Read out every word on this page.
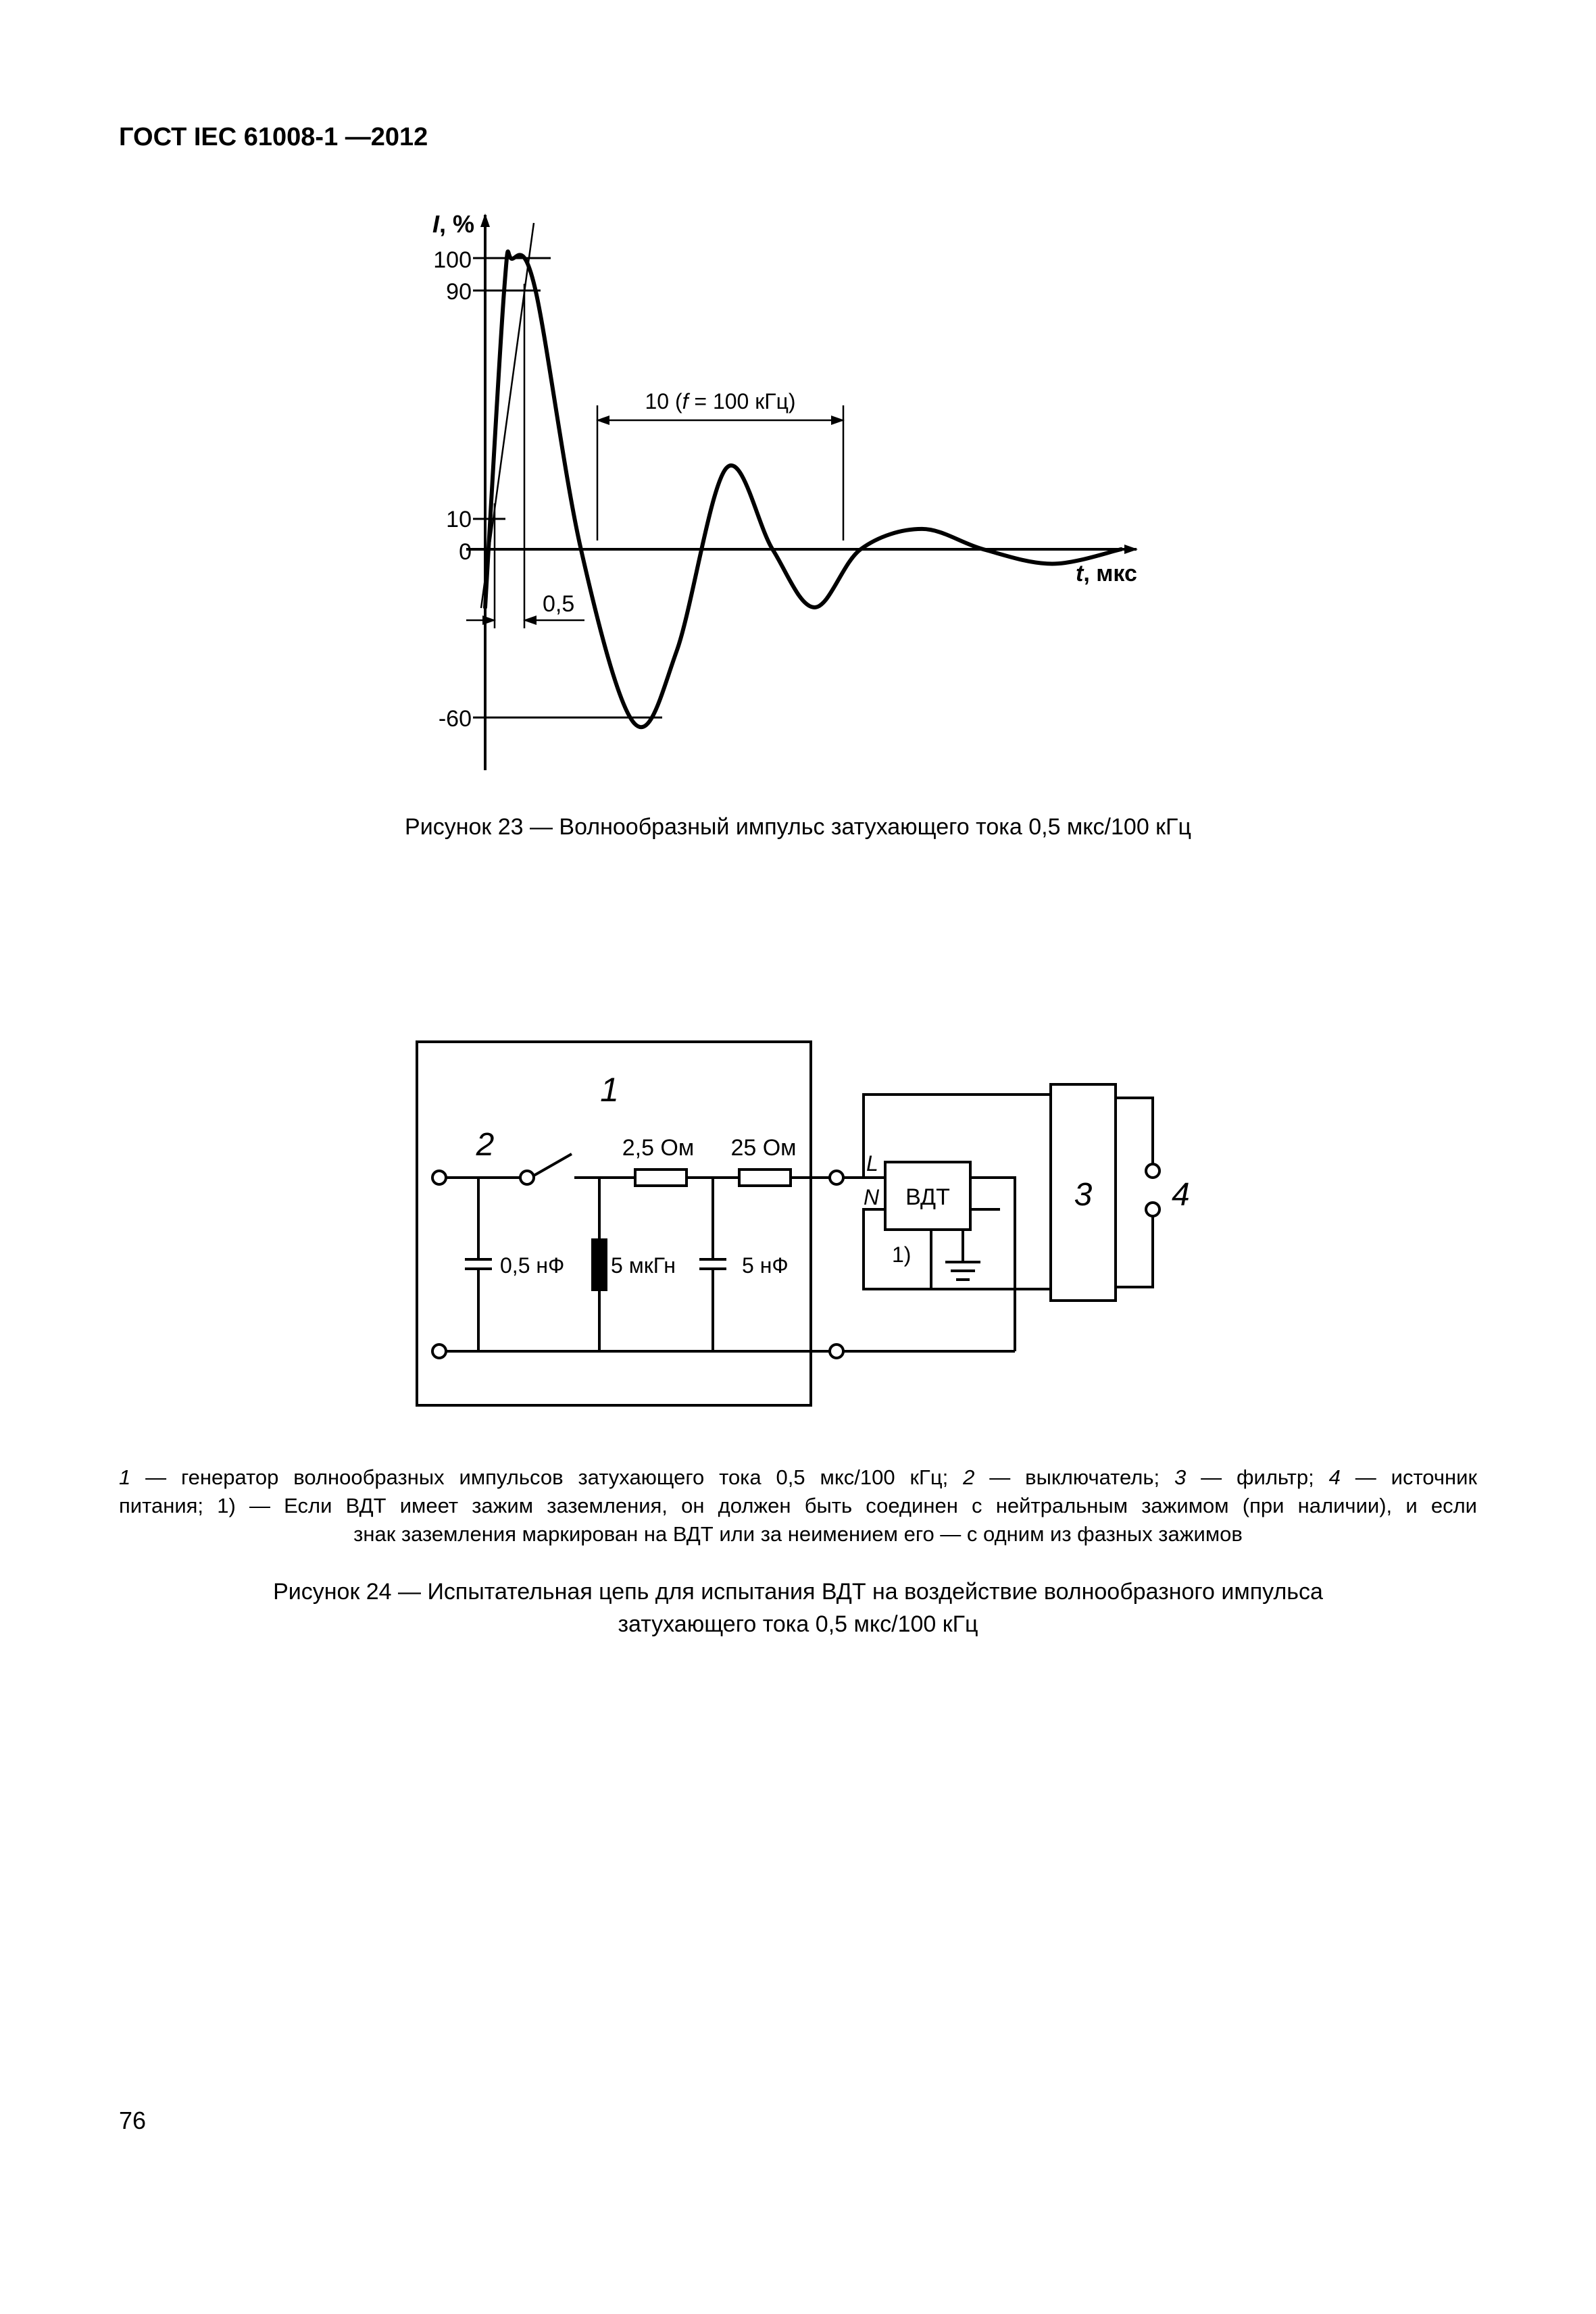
ГОСТ IEC 61008-1 —2012
100
90
10
0
-60
I, %
t, мкс
0,5
10 (f = 100 кГц)
Рисунок 23 — Волнообразный импульс затухающего тока 0,5 мкс/100 кГц
1
2	2,5 Ом 25 Ом
0,5 нФ 5 мкГн	5 нФ
ВДТ
L
N
1)
3 4
1 — генератор волнообразных импульсов затухающего тока 0,5 мкс/100 кГц; 2 — выключатель; 3 — фильтр; 4 — источник
питания; 1) — Если ВДТ имеет зажим заземления, он должен быть соединен с нейтральным зажимом (при наличии), и если
знак заземления маркирован на ВДТ или за неимением его — с одним из фазных зажимов
Рисунок 24 — Испытательная цепь для испытания ВДТ на воздействие волнообразного импульса
затухающего тока 0,5 мкс/100 кГц
76
